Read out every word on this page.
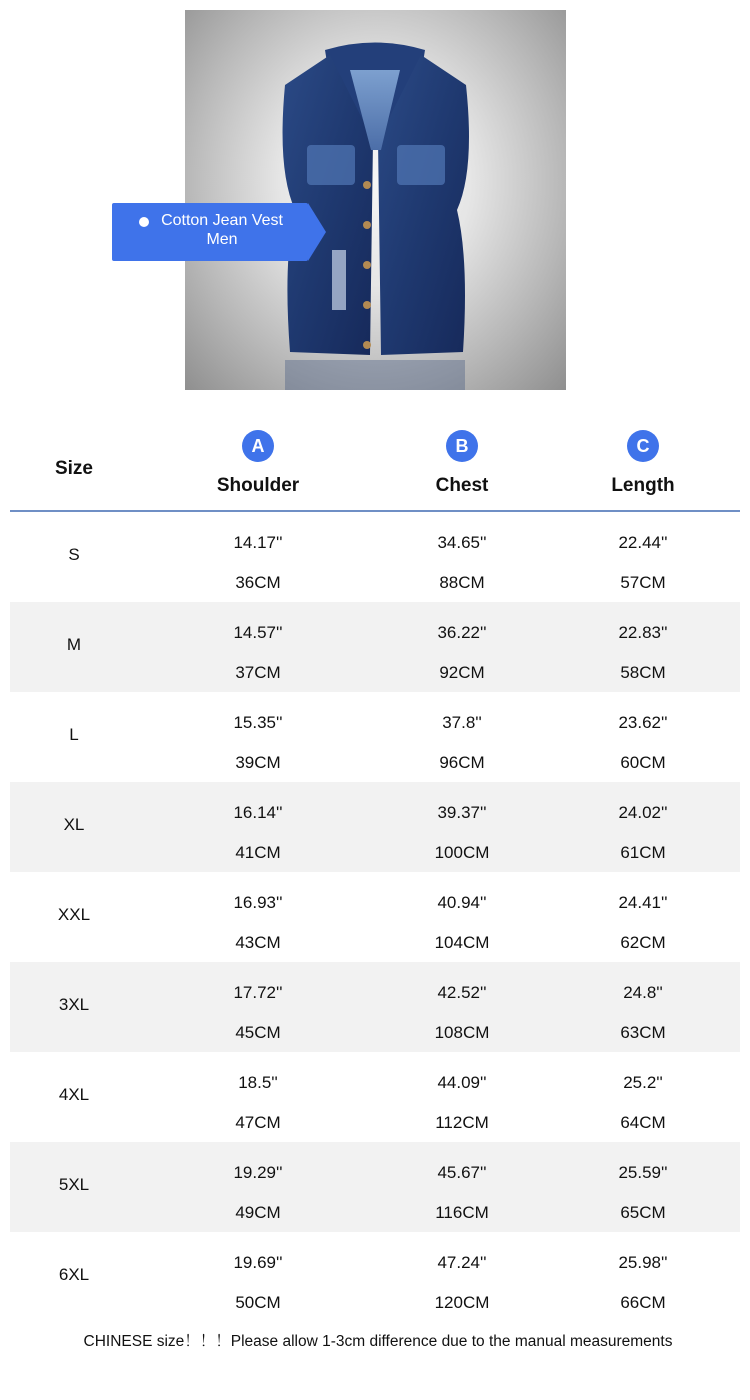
Cotton Jean Vest Men
Size
A
Shoulder
B
Chest
C
Length
S
14.17''
36CM
34.65''
88CM
22.44''
57CM
M
14.57''
37CM
36.22''
92CM
22.83''
58CM
L
15.35''
39CM
37.8''
96CM
23.62''
60CM
XL
16.14''
41CM
39.37''
100CM
24.02''
61CM
XXL
16.93''
43CM
40.94''
104CM
24.41''
62CM
3XL
17.72''
45CM
42.52''
108CM
24.8''
63CM
4XL
18.5''
47CM
44.09''
112CM
25.2''
64CM
5XL
19.29''
49CM
45.67''
116CM
25.59''
65CM
6XL
19.69''
50CM
47.24''
120CM
25.98''
66CM
CHINESE size！！！Please allow 1-3cm difference due to the manual measurements
